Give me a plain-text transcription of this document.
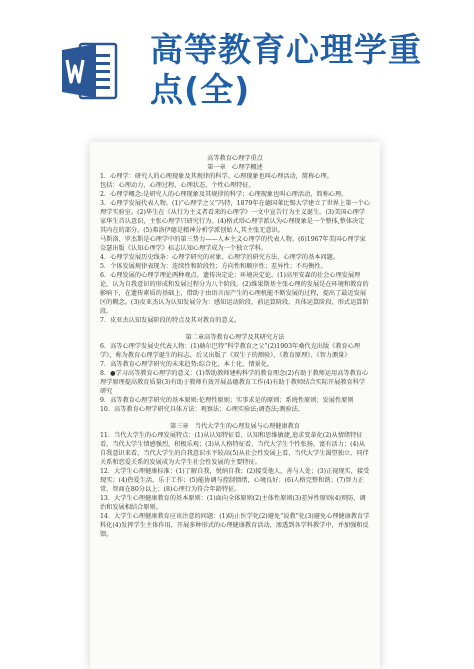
高等教育心理学重点(全)

高等教育心理学重点

第一章　心理学概述

1．心理学：研究人的心理现象及其规律的科学。心理现象也叫心理活动，简称心理。

包括：心理动力、心理过程、心理状态、个性心理特征。

2．心理学概念:是研究人的心理现象及其规律的科学；心理现象也叫心理活动，简称心理。

3．心理学发展代表人物。(1)“心理学之父”冯特，1879年在德国莱比锡大学建立了世界上第一个心理学实验室。(2)华生在《从行为主义者看来的心理学》一文中宣告行为主义诞生。(3)美国心理学家华生首认意识，主张心理学只研究行为。(4)格式塔心理学派认为心理现象是一个整体,整体决定其内在的部分。(5)弗洛伊德是精神分析学派创始人,其主张无意识。

马斯洛、罗杰斯是心理学中的第三势力——人本主义心理学的代表人物。(6)1967年美国心理学家奈瑟出版《认知心理学》标志认知心理学成为一个独立学科。

4．心理学发展历史线条：心理学研究的对象、心理学的研究方法、心理学的基本问题。

5．个体发展规律表现为：连续性和阶段性；方向性和顺序性；差异性；不均衡性。

6．心理发展的心理学理论两种观点。遗传决定论：环境决定论。(1)高里安森的社会心理发展理论，认为自我意识的形成和发展过程分为八个阶段。(2)维果斯基主张心理的发展是在环境和教育的影响下，在遗传素质的基础上，借助于由语言而产生的心理机能不断发展的过程，提出了最近发展区的概念。(3)皮亚杰认为认知发展分为：感知运动阶段、前运算阶段、具体运算阶段、形式运算阶段。

7．皮亚杰认知发展阶段的特点及其对教育的意义。

第二章高等教育心理学及其研究方法

6．高等心理学发展史代表人物：(1)赫尔巴特“科学教育之父”(2)1903年桑代克出版《教育心理学》，称为教育心理学诞生的标志，后又出版了《双生子的测验》、《教育原理》、《智力测量》

7．高等教育心理学研究的未来趋势:综合化、本土化、情景化。

8．●学习高等教育心理学的意义：(1)帮助教师建构科学的教育理念(2)有助于教师运用高等教育心理学原理提高教育质量(3)有助于教师有效开展品德教育工作(4)有助于教师结合实际开展教育科学研究

9．高等教育心理学研究的基本原则:伦理性原则；实事求是的原则；系统性原则；发展性原则

10．高等教育心理学研究具体方法：观察法；心理实验法;调查法;测验法。

第三章　当代大学生的心理发展与心理健康教育

11．当代大学生的心理发展特点：(1)从认知特征看，认知和思维敏捷,追求变革化(2)从情绪特征看，当代大学生情感强烈，积极乐观；(3)从人格特征看，当代大学生个性张扬，富有活力；(4)从自我意识来看，当代大学生的自我意识水平较高(5)从社会性发展上看，当代大学生渴望独立，同伴关系和恋爱关系的发展成为大学生社会性发展的主要特征。

12．大学生心理健康标准：(1)了解自我，悦纳自我；(2)接受他人，善与人处；(3)正视现实，接受现实；(4)热爱生活，乐于工作；(5)能协调与控制情绪，心境良好；(6)人格完整和谐；(7)智力正常，智商在80分以上；(8)心理行为符合年龄特征。

13．大学生心理健康教育的基本原则：(1)面向全体原则(2)主体性原则(3)差异性原则(4)预防、调治和发展相结合原则。

14．大学生心理健康教育应该注意的问题：(1)防止医学化(2)避免“说教”化(3)避免心理健康教育学科化(4)发挥学生主体作用，开展多种形式的心理健康教育活动，渗透到各学科教学中，并加强和反馈。
